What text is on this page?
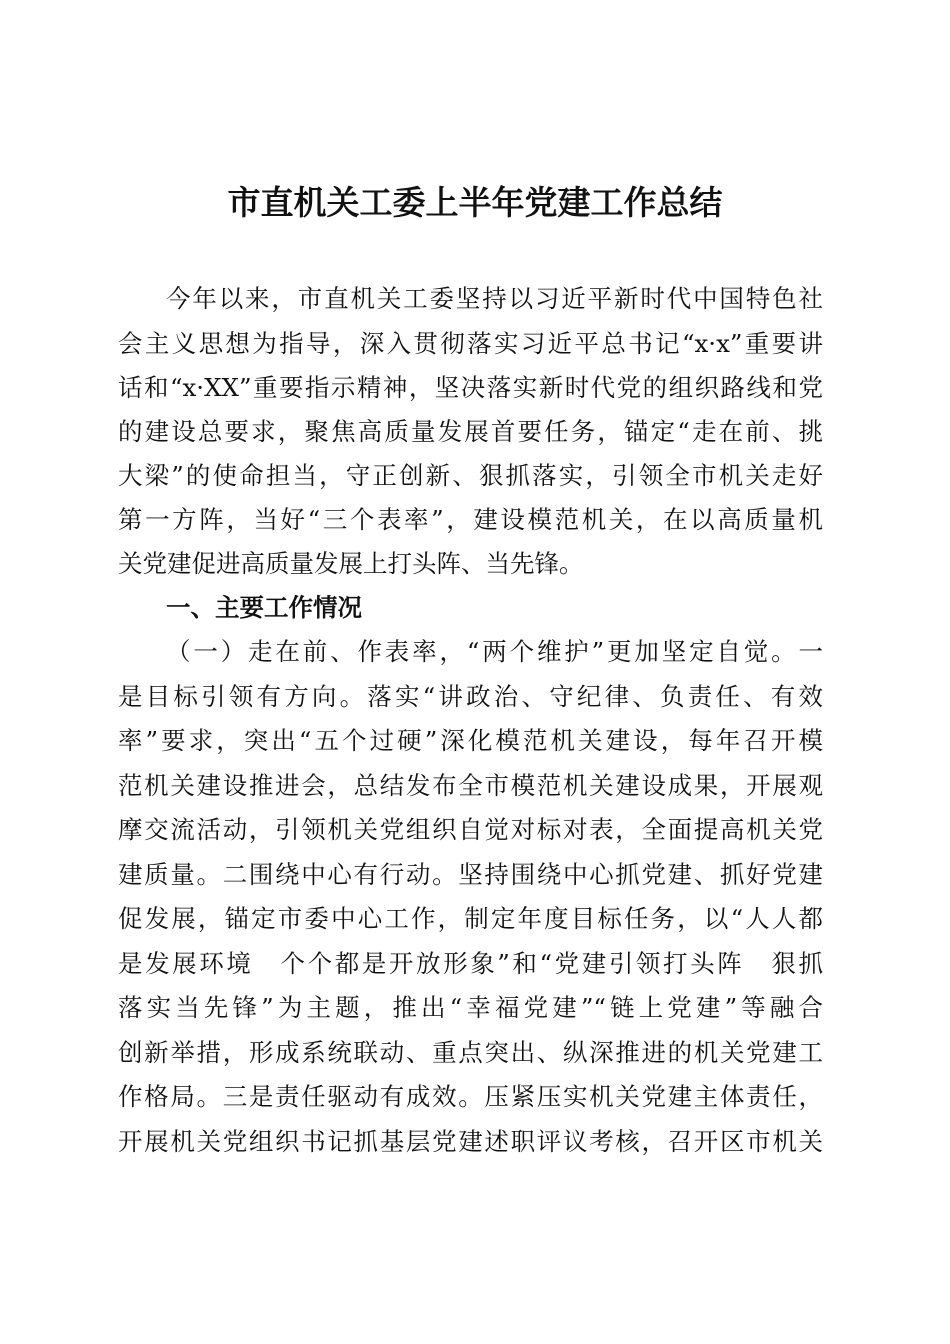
市直机关工委上半年党建工作总结
今年以来，市直机关工委坚持以习近平新时代中国特色社
会主义思想为指导，深入贯彻落实习近平总书记“x·x”重要讲
话和“x·XX”重要指示精神，坚决落实新时代党的组织路线和党
的建设总要求，聚焦高质量发展首要任务，锚定“走在前、挑
大梁”的使命担当，守正创新、狠抓落实，引领全市机关走好
第一方阵，当好“三个表率”，建设模范机关，在以高质量机
关党建促进高质量发展上打头阵、当先锋。
一、主要工作情况
（一）走在前、作表率，“两个维护”更加坚定自觉。一
是目标引领有方向。落实“讲政治、守纪律、负责任、有效
率”要求，突出“五个过硬”深化模范机关建设，每年召开模
范机关建设推进会，总结发布全市模范机关建设成果，开展观
摩交流活动，引领机关党组织自觉对标对表，全面提高机关党
建质量。二围绕中心有行动。坚持围绕中心抓党建、抓好党建
促发展，锚定市委中心工作，制定年度目标任务，以“人人都
是发展环境　个个都是开放形象”和“党建引领打头阵　狠抓
落实当先锋”为主题，推出“幸福党建”“链上党建”等融合
创新举措，形成系统联动、重点突出、纵深推进的机关党建工
作格局。三是责任驱动有成效。压紧压实机关党建主体责任，
开展机关党组织书记抓基层党建述职评议考核，召开区市机关
